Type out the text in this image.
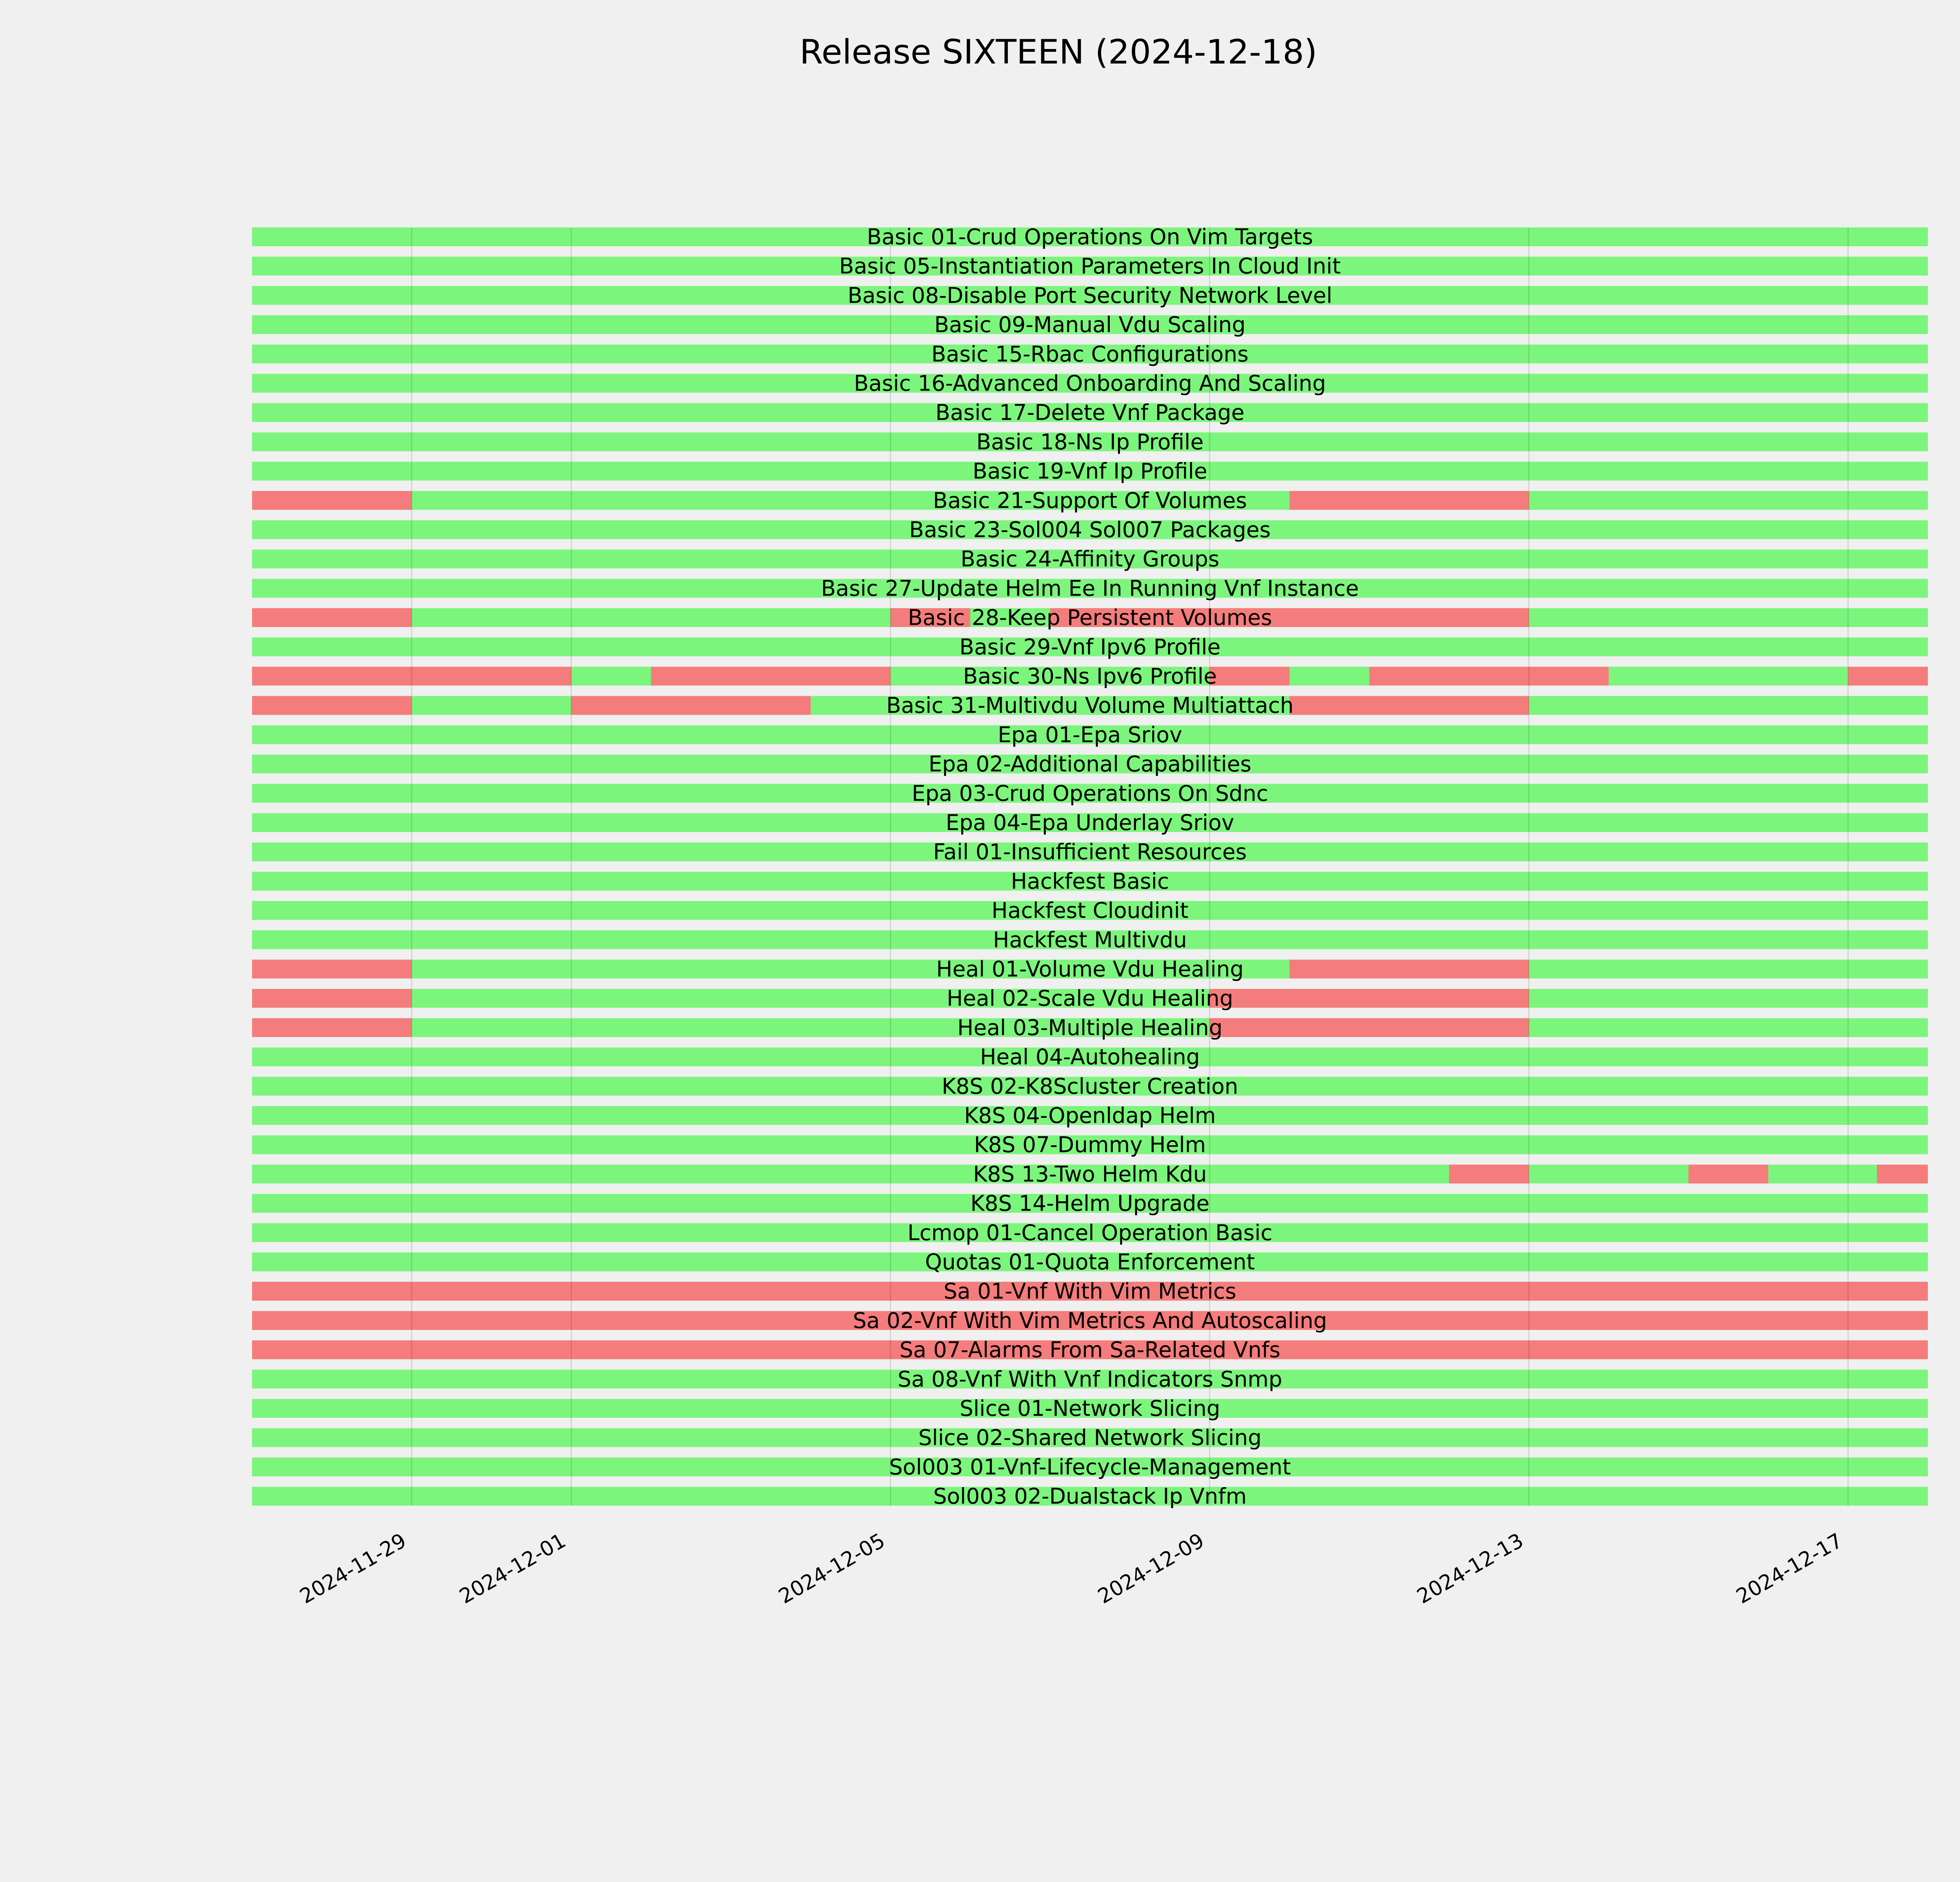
Release SIXTEEN (2024-12-18)
Basic 01-Crud Operations On Vim Targets
Basic 05-Instantiation Parameters In Cloud Init
Basic 08-Disable Port Security Network Level
Basic 09-Manual Vdu Scaling
Basic 15-Rbac Configurations
Basic 16-Advanced Onboarding And Scaling
Basic 17-Delete Vnf Package
Basic 18-Ns Ip Profile
Basic 19-Vnf Ip Profile
Basic 21-Support Of Volumes
Basic 23-Sol004 Sol007 Packages
Basic 24-Affinity Groups
Basic 27-Update Helm Ee In Running Vnf Instance
Basic 28-Keep Persistent Volumes
Basic 29-Vnf Ipv6 Profile
Basic 30-Ns Ipv6 Profile
Basic 31-Multivdu Volume Multiattach
Epa 01-Epa Sriov
Epa 02-Additional Capabilities
Epa 03-Crud Operations On Sdnc
Epa 04-Epa Underlay Sriov
Fail 01-Insufficient Resources
Hackfest Basic
Hackfest Cloudinit
Hackfest Multivdu
Heal 01-Volume Vdu Healing
Heal 02-Scale Vdu Healing
Heal 03-Multiple Healing
Heal 04-Autohealing
K8S 02-K8Scluster Creation
K8S 04-Openldap Helm
K8S 07-Dummy Helm
K8S 13-Two Helm Kdu
K8S 14-Helm Upgrade
Lcmop 01-Cancel Operation Basic
Quotas 01-Quota Enforcement
Sa 01-Vnf With Vim Metrics
Sa 02-Vnf With Vim Metrics And Autoscaling
Sa 07-Alarms From Sa-Related Vnfs
Sa 08-Vnf With Vnf Indicators Snmp
Slice 01-Network Slicing
Slice 02-Shared Network Slicing
Sol003 01-Vnf-Lifecycle-Management
Sol003 02-Dualstack Ip Vnfm
2024-11-29 2024-12-01	2024-12-05	2024-12-09	2024-12-13	2024-12-17
